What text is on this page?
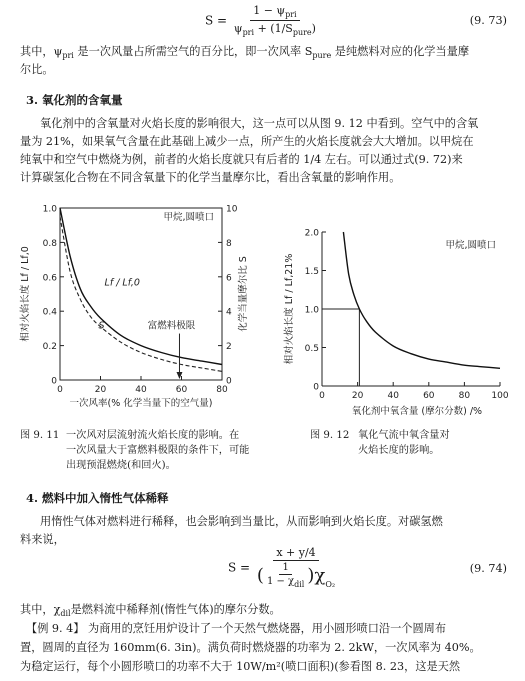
$S = \frac{1 - \psi_{pri}}{\psi_{pri} + (1/S_{pure})}$	(9. 73)
其中，$\psi_{pri}$ 是一次风量占所需空气的百分比，即一次风率 $S_{pure}$ 是纯燃料对应的化学当量摩
尔比。
3. 氧化剂的含氧量
氧化剂中的含氧量对火焰长度的影响很大，这一点可以从图 9. 12 中看到。空气中的含氧
量为 21%，如果氧气含量在此基础上减少一点，所产生的火焰长度就会大大增加。以甲烷在
纯氧中和空气中燃烧为例，前者的火焰长度就只有后者的 1/4 左右。可以通过式(9. 72)来
计算碳氢化合物在不同含氧量下的化学当量摩尔比，看出含氧量的影响作用。
0
0.2
0.4
0.6
0.8
1.0
0
2
4
6
8
10
0	20	40	60	80
Lf / Lf,0
S
甲烷,圆喷口
富燃料极限
一次风率(% 化学当量下的空气量)
相对火焰长度 Lf / Lf,0	化学当量摩尔比 S
图 9. 11 一次风对层流射流火焰长度的影响。在
一次风量大于富燃料极限的条件下，可能
出现预混燃烧(和回火)。
0
0.5
1.0
1.5
2.0
0	20	40	60	80 100
甲烷,圆喷口
氧化剂中氧含量 (摩尔分数) /%
相对火焰长度 Lf / Lf,21%
图 9. 12 氧化气流中氧含量对
火焰长度的影响。
4. 燃料中加入惰性气体稀释
用惰性气体对燃料进行稀释，也会影响到当量比，从而影响到火焰长度。对碳氢燃
料来说，
$S = \frac{x + y/4}{( \frac{1}{1 - \chi_{dil}} )\chi_{O_2}}$	(9. 74)
其中，$\chi_{dil}$是燃料流中稀释剂(惰性气体)的摩尔分数。
【例 9. 4】 为商用的烹饪用炉设计了一个天然气燃烧器，用小圆形喷口沿一个圆周布
置，圆周的直径为 160mm(6. 3in)。满负荷时燃烧器的功率为 2. 2kW，一次风率为 40%。
为稳定运行，每个小圆形喷口的功率不大于 10W/m²(喷口面积)(参看图 8. 23，这是天然
